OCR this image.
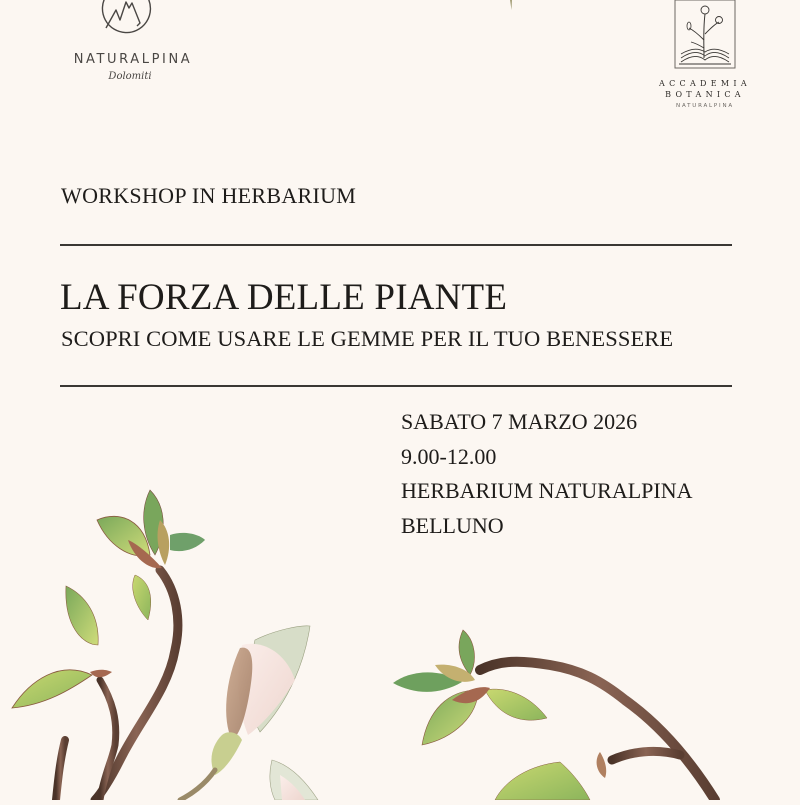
NATURALPINA
Dolomiti
ACCADEMIA
BOTANICA
NATURALPINA
WORKSHOP IN HERBARIUM
LA FORZA DELLE PIANTE
SCOPRI COME USARE LE GEMME PER IL TUO BENESSERE
SABATO 7 MARZO 2026
9.00-12.00
HERBARIUM NATURALPINA
BELLUNO
